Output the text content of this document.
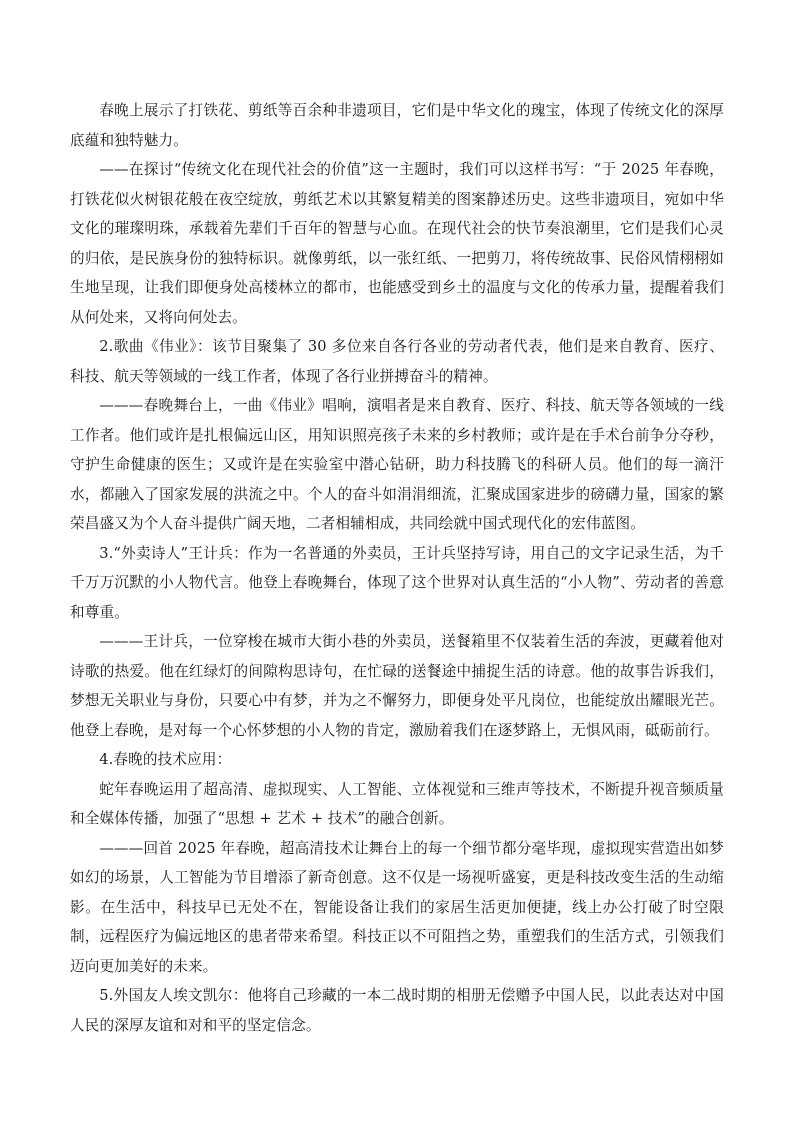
春晚上展示了打铁花、剪纸等百余种非遗项目，它们是中华文化的瑰宝，体现了传统文化的深厚底蕴和独特魅力。

——在探讨“传统文化在现代社会的价值”这一主题时，我们可以这样书写：“于 2025 年春晚，打铁花似火树银花般在夜空绽放，剪纸艺术以其繁复精美的图案静述历史。这些非遗项目，宛如中华文化的璀璨明珠，承载着先辈们千百年的智慧与心血。在现代社会的快节奏浪潮里，它们是我们心灵的归依，是民族身份的独特标识。就像剪纸，以一张红纸、一把剪刀，将传统故事、民俗风情栩栩如生地呈现，让我们即便身处高楼林立的都市，也能感受到乡土的温度与文化的传承力量，提醒着我们从何处来，又将向何处去。

2.歌曲《伟业》：该节目聚集了 30 多位来自各行各业的劳动者代表，他们是来自教育、医疗、科技、航天等领域的一线工作者，体现了各行业拼搏奋斗的精神。

———春晚舞台上，一曲《伟业》唱响，演唱者是来自教育、医疗、科技、航天等各领域的一线工作者。他们或许是扎根偏远山区，用知识照亮孩子未来的乡村教师；或许是在手术台前争分夺秒，守护生命健康的医生；又或许是在实验室中潜心钻研，助力科技腾飞的科研人员。他们的每一滴汗水，都融入了国家发展的洪流之中。个人的奋斗如涓涓细流，汇聚成国家进步的磅礴力量，国家的繁荣昌盛又为个人奋斗提供广阔天地，二者相辅相成，共同绘就中国式现代化的宏伟蓝图。

3.“外卖诗人”王计兵：作为一名普通的外卖员，王计兵坚持写诗，用自己的文字记录生活，为千千万万沉默的小人物代言。他登上春晚舞台，体现了这个世界对认真生活的“小人物”、劳动者的善意和尊重。

———王计兵，一位穿梭在城市大街小巷的外卖员，送餐箱里不仅装着生活的奔波，更藏着他对诗歌的热爱。他在红绿灯的间隙构思诗句，在忙碌的送餐途中捕捉生活的诗意。他的故事告诉我们，梦想无关职业与身份，只要心中有梦，并为之不懈努力，即便身处平凡岗位，也能绽放出耀眼光芒。他登上春晚，是对每一个心怀梦想的小人物的肯定，激励着我们在逐梦路上，无惧风雨，砥砺前行。

4.春晚的技术应用：

蛇年春晚运用了超高清、虚拟现实、人工智能、立体视觉和三维声等技术，不断提升视音频质量和全媒体传播，加强了“思想 + 艺术 + 技术”的融合创新。

———回首 2025 年春晚，超高清技术让舞台上的每一个细节都分毫毕现，虚拟现实营造出如梦如幻的场景，人工智能为节目增添了新奇创意。这不仅是一场视听盛宴，更是科技改变生活的生动缩影。在生活中，科技早已无处不在，智能设备让我们的家居生活更加便捷，线上办公打破了时空限制，远程医疗为偏远地区的患者带来希望。科技正以不可阻挡之势，重塑我们的生活方式，引领我们迈向更加美好的未来。

5.外国友人埃文凯尔：他将自己珍藏的一本二战时期的相册无偿赠予中国人民，以此表达对中国人民的深厚友谊和对和平的坚定信念。
